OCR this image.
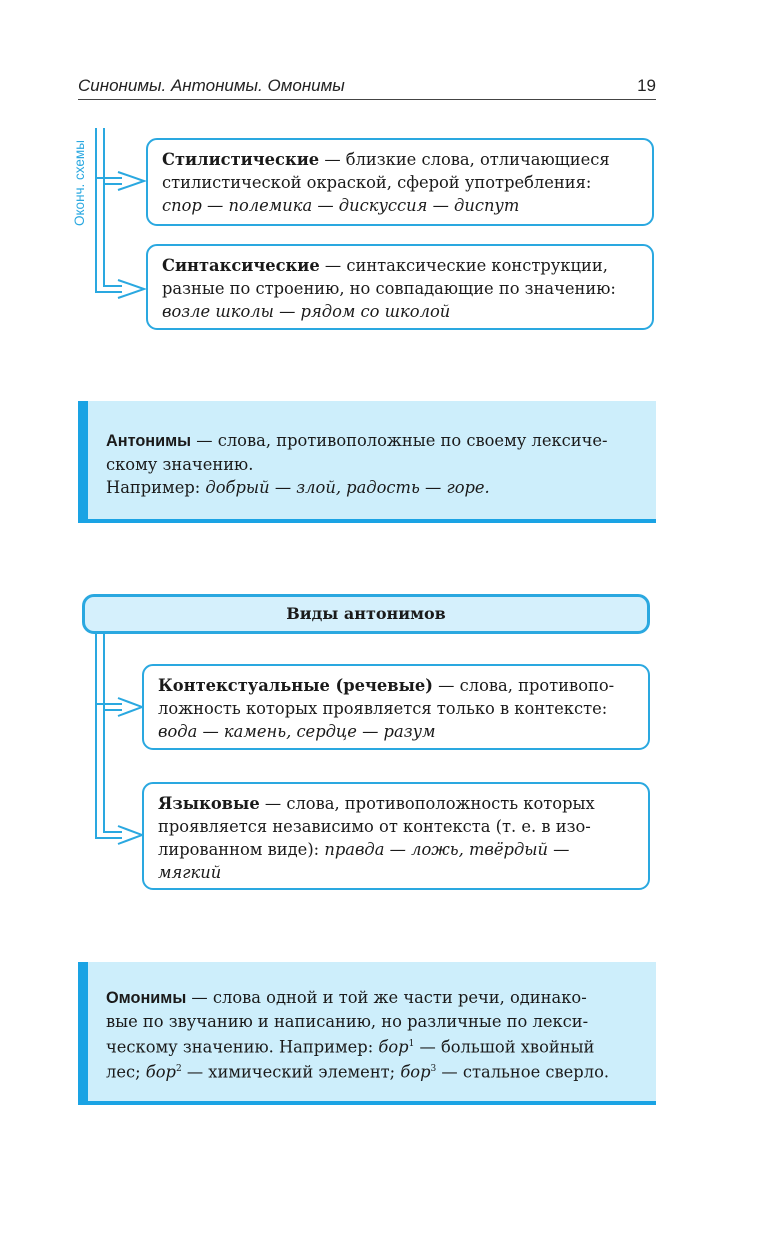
Синонимы. Антонимы. Омонимы	19
Оконч. схемы	Стилистические — близкие слова, отличающиеся
стилистической окраской, сферой употребления:
спор — полемика — дискуссия — диспут
Синтаксические — синтаксические конструкции,
разные по строению, но совпадающие по значению:
возле школы — рядом со школой
Антонимы — слова, противоположные по своему лексиче-
скому значению.
Например: добрый — злой, радость — горе.
Виды антонимов
Контекстуальные (речевые) — слова, противопо-
ложность которых проявляется только в контексте:
вода — камень, сердце — разум
Языковые — слова, противоположность которых
проявляется независимо от контекста (т. е. в изо-
лированном виде): правда — ложь, твёрдый —
мягкий
Омонимы — слова одной и той же части речи, одинако-
вые по звучанию и написанию, но различные по лекси-
ческому значению. Например: бор$^1$ — большой хвойный
лес; бор$^2$ — химический элемент; бор$^3$ — стальное сверло.
